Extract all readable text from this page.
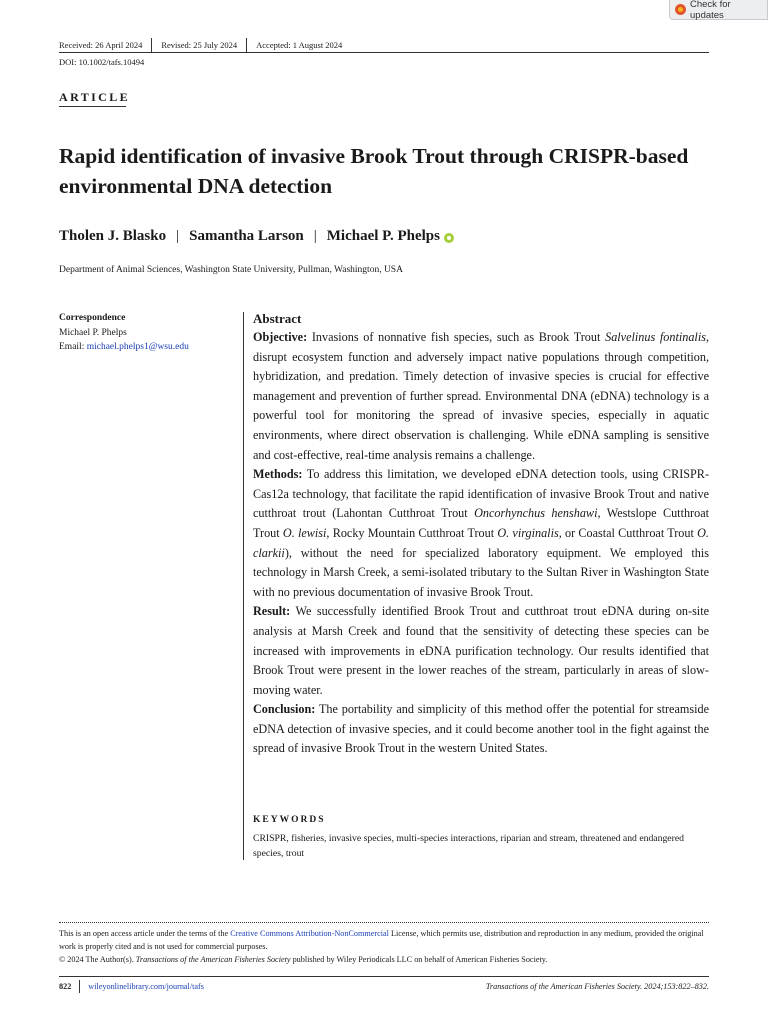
Check for updates
Received: 26 April 2024 Revised: 25 July 2024 Accepted: 1 August 2024
DOI: 10.1002/tafs.10494
ARTICLE
Rapid identification of invasive Brook Trout through CRISPR-based environmental DNA detection
Tholen J. Blasko | Samantha Larson | Michael P. Phelps
Department of Animal Sciences, Washington State University, Pullman, Washington, USA
Correspondence
Michael P. Phelps
Email: michael.phelps1@wsu.edu
Abstract

Objective: Invasions of nonnative fish species, such as Brook Trout Salvelinus fontinalis, disrupt ecosystem function and adversely impact native populations through competition, hybridization, and predation. Timely detection of invasive species is crucial for effective management and prevention of further spread. Environmental DNA (eDNA) technology is a powerful tool for monitoring the spread of invasive species, especially in aquatic environments, where direct observation is challenging. While eDNA sampling is sensitive and cost-effective, real-time analysis remains a challenge.

Methods: To address this limitation, we developed eDNA detection tools, using CRISPR-Cas12a technology, that facilitate the rapid identification of invasive Brook Trout and native cutthroat trout (Lahontan Cutthroat Trout Oncorhynchus henshawi, Westslope Cutthroat Trout O. lewisi, Rocky Mountain Cutthroat Trout O. virginalis, or Coastal Cutthroat Trout O. clarkii), without the need for specialized laboratory equipment. We employed this technology in Marsh Creek, a semi-isolated tributary to the Sultan River in Washington State with no previous documentation of invasive Brook Trout.

Result: We successfully identified Brook Trout and cutthroat trout eDNA during on-site analysis at Marsh Creek and found that the sensitivity of detecting these species can be increased with improvements in eDNA purification technology. Our results identified that Brook Trout were present in the lower reaches of the stream, particularly in areas of slow-moving water.

Conclusion: The portability and simplicity of this method offer the potential for streamside eDNA detection of invasive species, and it could become another tool in the fight against the spread of invasive Brook Trout in the western United States.

KEYWORDS
CRISPR, fisheries, invasive species, multi-species interactions, riparian and stream, threatened and endangered species, trout
This is an open access article under the terms of the Creative Commons Attribution-NonCommercial License, which permits use, distribution and reproduction in any medium, provided the original work is properly cited and is not used for commercial purposes.
© 2024 The Author(s). Transactions of the American Fisheries Society published by Wiley Periodicals LLC on behalf of American Fisheries Society.
822 wileyonlinelibrary.com/journal/tafs	Transactions of the American Fisheries Society. 2024;153:822–832.
